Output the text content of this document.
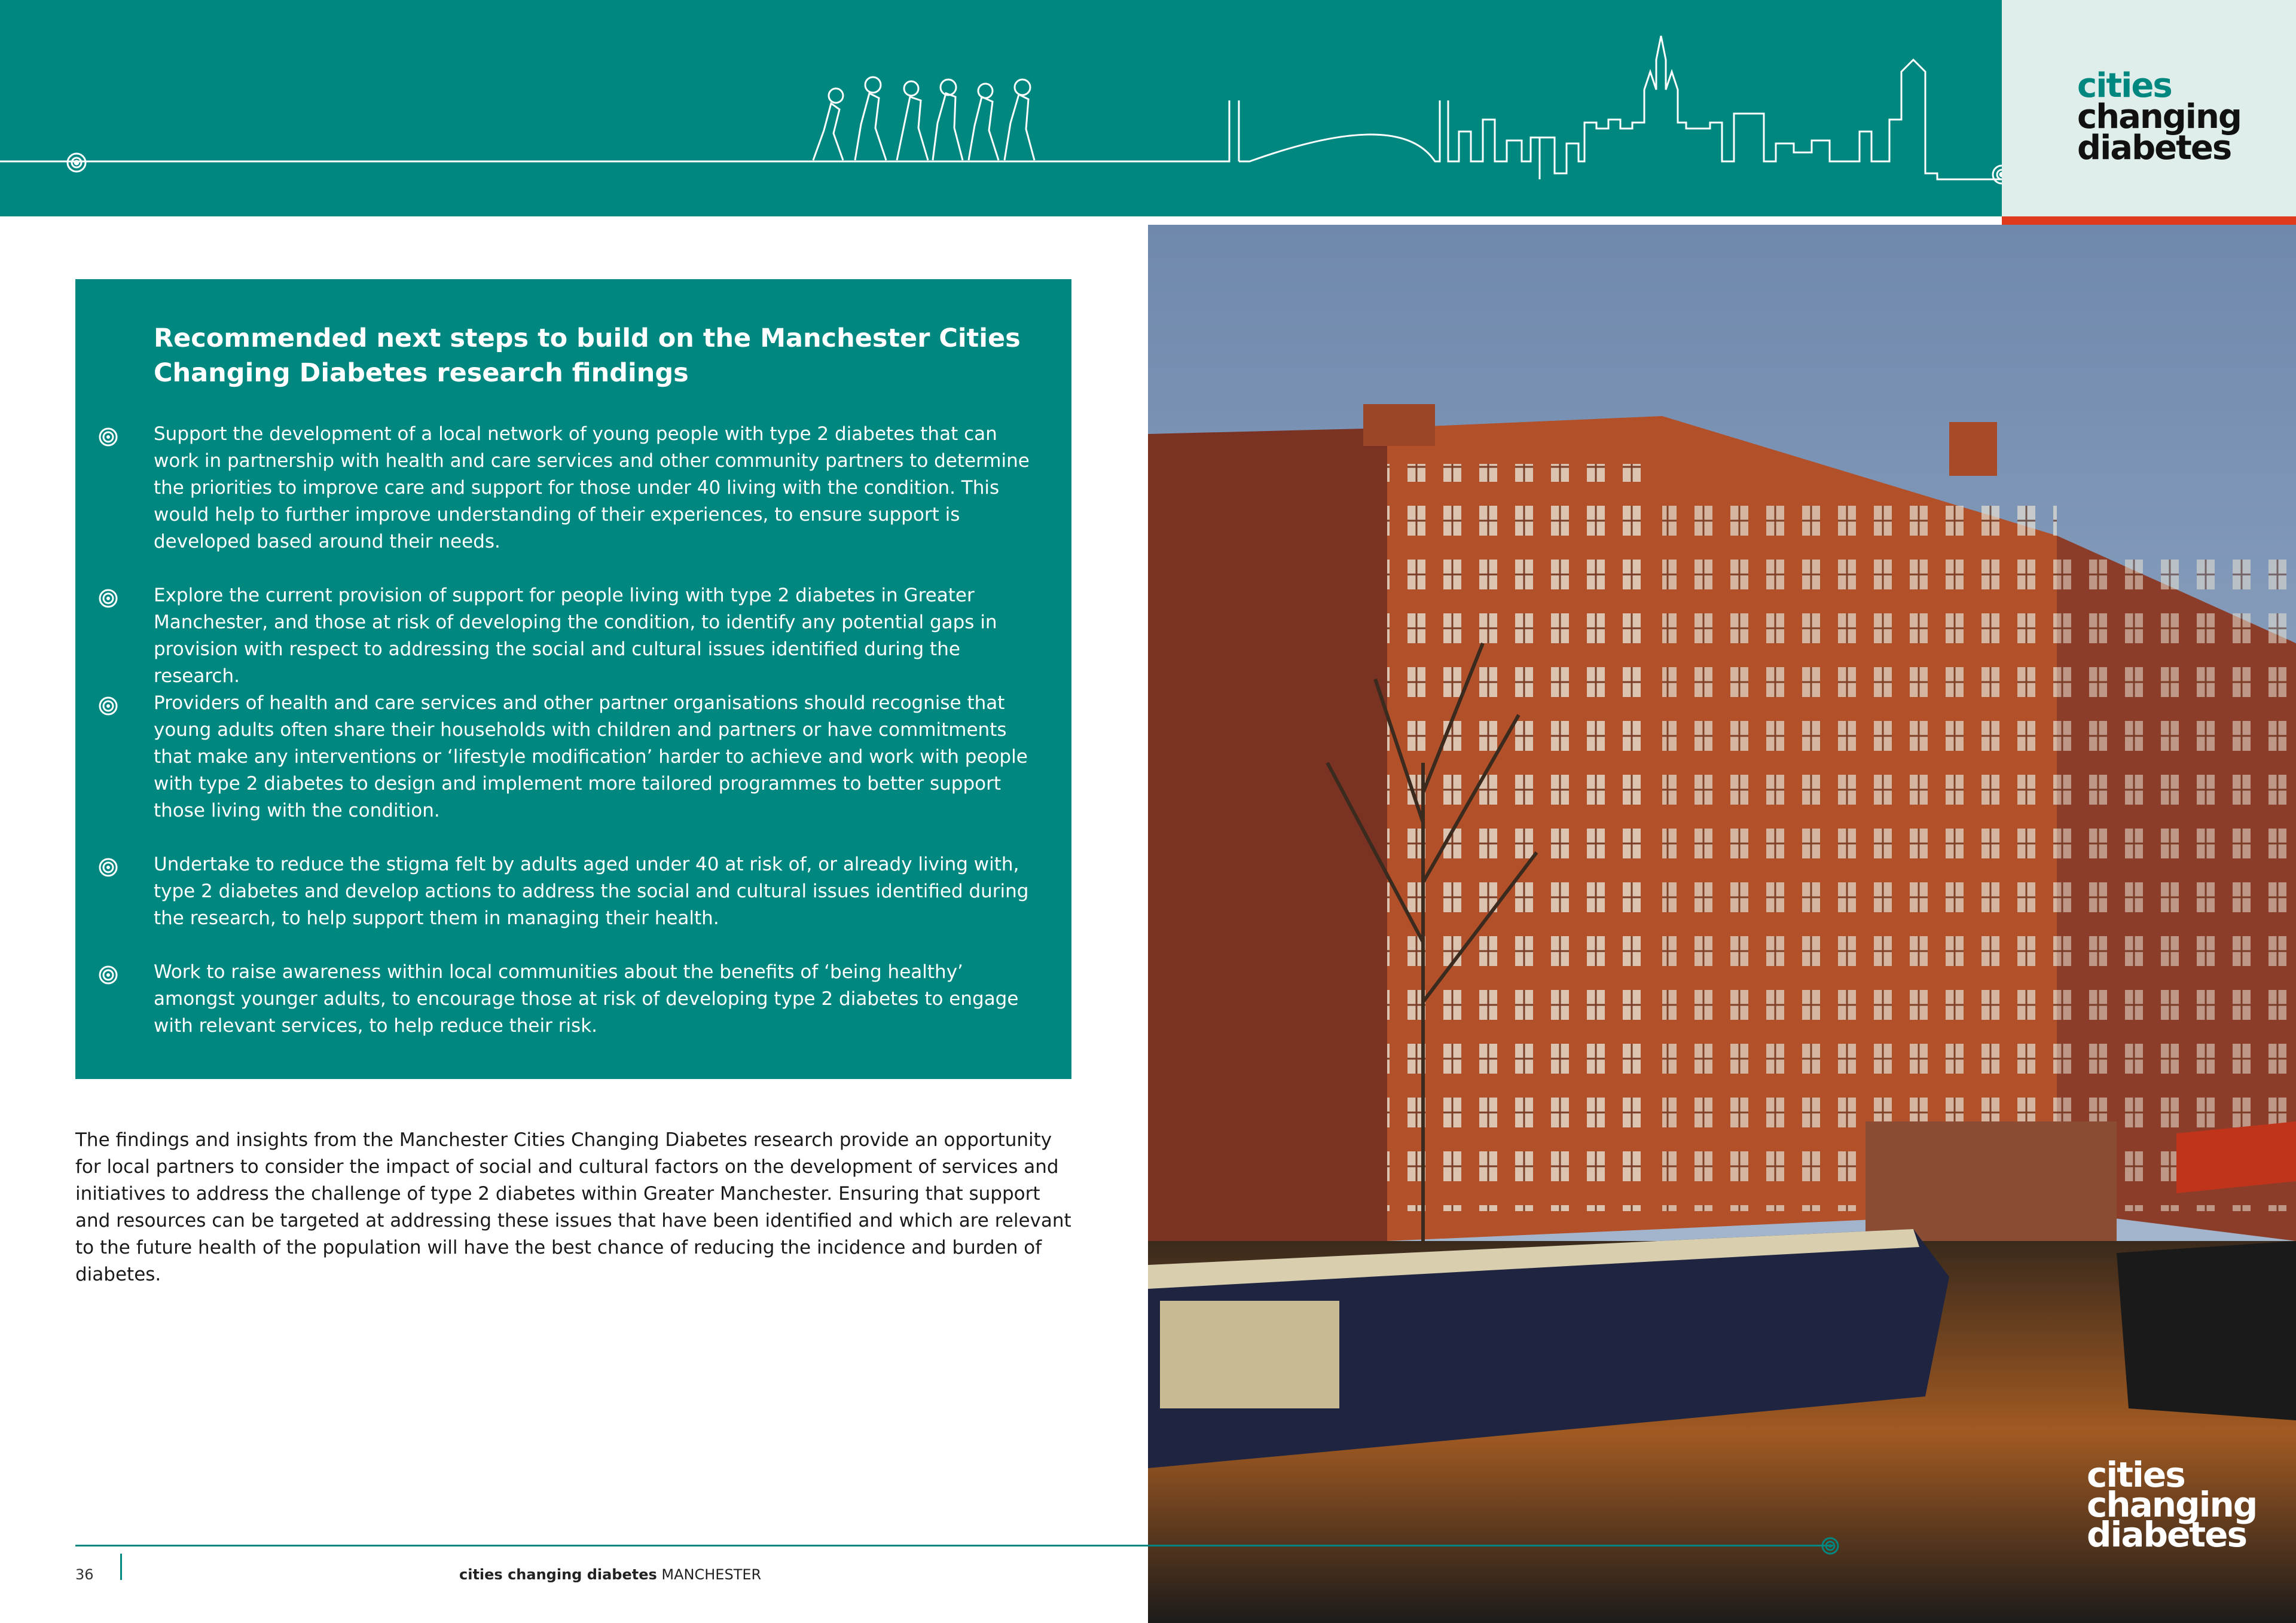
cities
changing
diabetes
Recommended next steps to build on the Manchester Cities Changing Diabetes research findings
Support the development of a local network of young people with type 2 diabetes that can work in partnership with health and care services and other community partners to determine the priorities to improve care and support for those under 40 living with the condition. This would help to further improve understanding of their experiences, to ensure support is developed based around their needs.
Explore the current provision of support for people living with type 2 diabetes in Greater Manchester, and those at risk of developing the condition, to identify any potential gaps in provision with respect to addressing the social and cultural issues identified during the research.
Providers of health and care services and other partner organisations should recognise that young adults often share their households with children and partners or have commitments that make any interventions or ‘lifestyle modification’ harder to achieve and work with people with type 2 diabetes to design and implement more tailored programmes to better support those living with the condition.
Undertake to reduce the stigma felt by adults aged under 40 at risk of, or already living with, type 2 diabetes and develop actions to address the social and cultural issues identified during the research, to help support them in managing their health.
Work to raise awareness within local communities about the benefits of ‘being healthy’ amongst younger adults, to encourage those at risk of developing type 2 diabetes to engage with relevant services, to help reduce their risk.
The findings and insights from the Manchester Cities Changing Diabetes research provide an opportunity for local partners to consider the impact of social and cultural factors on the development of services and initiatives to address the challenge of type 2 diabetes within Greater Manchester. Ensuring that support and resources can be targeted at addressing these issues that have been identified and which are relevant to the future health of the population will have the best chance of reducing the incidence and burden of diabetes.
cities
changing
diabetes
36	cities changing diabetes MANCHESTER
